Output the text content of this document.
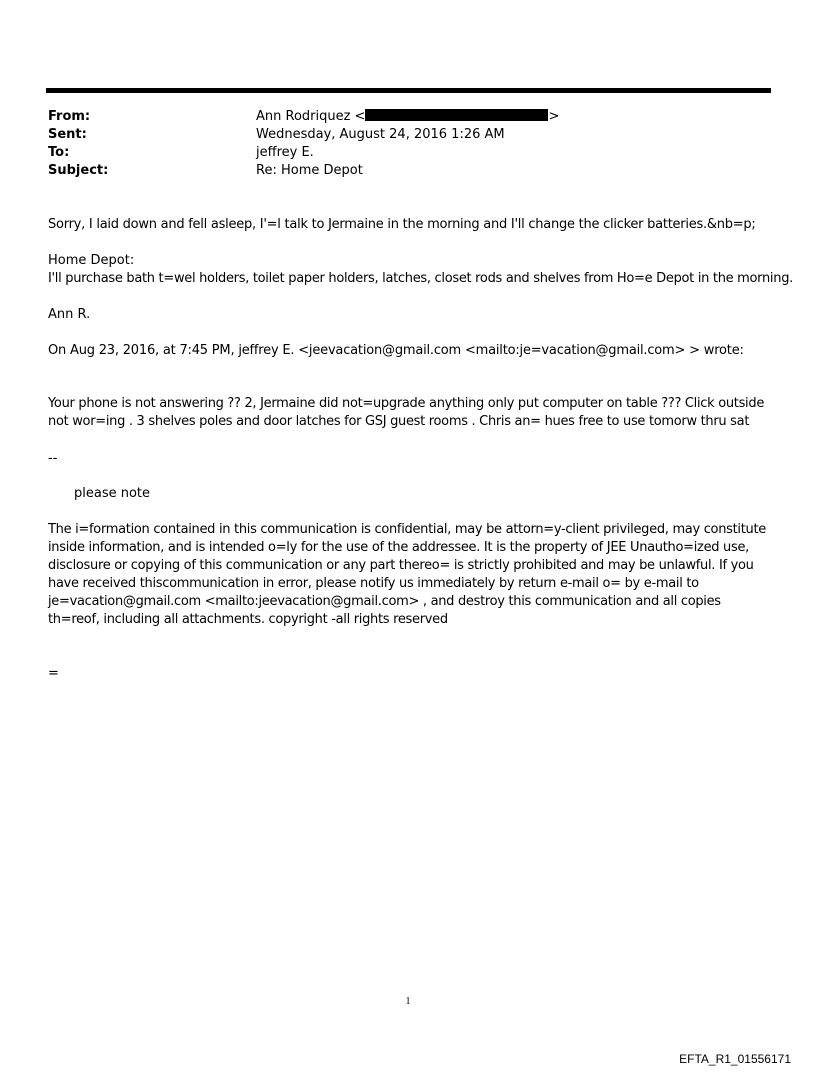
From:	Ann Rodriquez <	>
Sent:	Wednesday, August 24, 2016 1:26 AM
To:	jeffrey E.
Subject:	Re: Home Depot
Sorry, I laid down and fell asleep, I'=l talk to Jermaine in the morning and I'll change the clicker batteries.&nb=p;
Home Depot:
I'll purchase bath t=wel holders, toilet paper holders, latches, closet rods and shelves from Ho=e Depot in the morning.
Ann R.
On Aug 23, 2016, at 7:45 PM, jeffrey E. <jeevacation@gmail.com <mailto:je=vacation@gmail.com> > wrote:
Your phone is not answering ?? 2, Jermaine did not=upgrade anything only put computer on table ??? Click outside not wor=ing . 3 shelves poles and door latches for GSJ guest rooms . Chris an= hues free to use tomorw thru sat
--
please note
The i=formation contained in this communication is confidential, may be attorn=y-client privileged, may constitute inside information, and is intended o=ly for the use of the addressee. It is the property of JEE Unautho=ized use, disclosure or copying of this communication or any part thereo= is strictly prohibited and may be unlawful. If you have received thiscommunication in error, please notify us immediately by return e-mail o= by e-mail to je=vacation@gmail.com <mailto:jeevacation@gmail.com> , and destroy this communication and all copies th=reof, including all attachments. copyright -all rights reserved
=
1
EFTA_R1_01556171
